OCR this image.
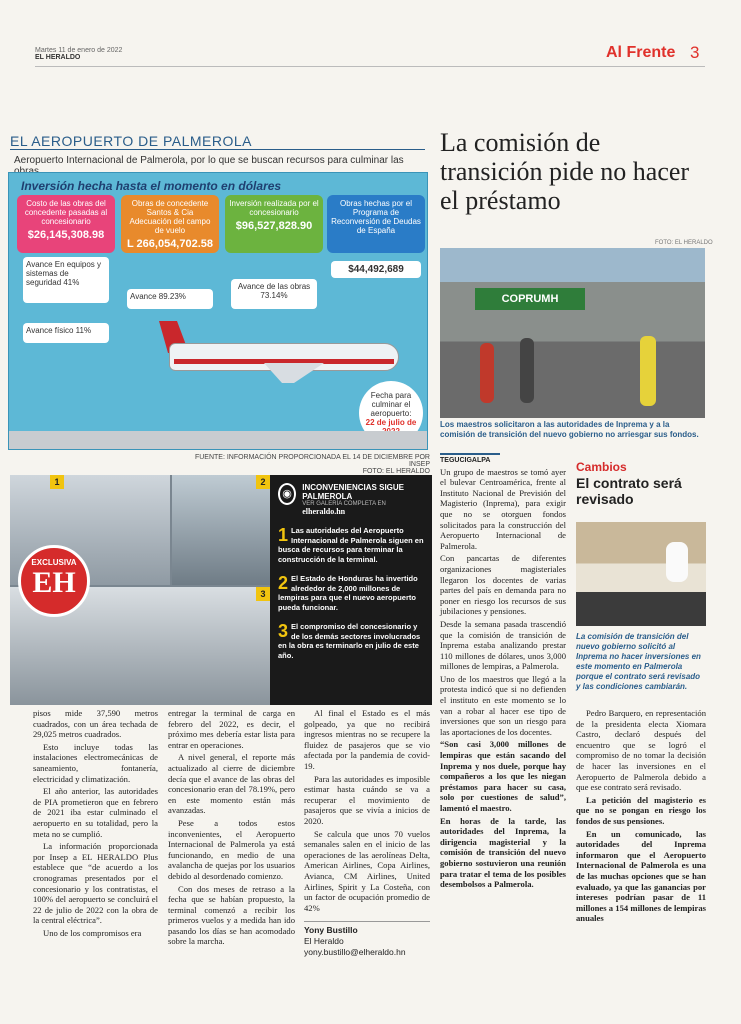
Martes 11 de enero de 2022
EL HERALDO	Al Frente 3
EL AEROPUERTO DE PALMEROLA
Aeropuerto Internacional de Palmerola, por lo que se buscan recursos para culminar las
Inversión hecha hasta el momento en dólares
Costo de las obras del concedente pasadas al concesionario
$26,145,308.98
Obras de concedente Santos & Cia Adecuación del campo de vuelo
L 266,054,702.58
Inversión realizada por el concesionario
$96,527,828.90
Obras hechas por el Programa de Reconversión de Deudas de España
$44,492,689
Avance En equipos y sistemas de seguridad 41%
Avance físico 11%
Avance 89.23%
Avance de las obras 73.14%
Fecha para culminar el aeropuerto:
22 de julio de
FUENTE: INFORMACIÓN PROPORCIONADA EL 14 DE DICIEMBRE POR INSEP
FOTO: EL HERALDO
La comisión de transición pide no hacer el préstamo
FOTO: EL HERALDO
COPRUMH
Los maestros solicitaron a las autoridades de Inprema y a la comisión de transición del nuevo gobierno no arriesgar sus fondos.
1	2
3
EXCLUSIVA
EH
◉
INCONVENIENCIAS SIGUE PALMEROLA
VER GALERÍA COMPLETA EN
elheraldo.hn
1 Las autoridades del Aeropuerto Internacional de Palmerola siguen en busca de recursos para terminar la construcción de la terminal.
2 El Estado de Honduras ha invertido alrededor de 2,000 millones de lempiras para que el nuevo aeropuerto pueda funcionar.
3 El compromiso del concesionario y de los demás sectores involucrados en la obra es terminarlo en julio de este año.
TEGUCIGALPA

Un grupo de maestros se tomó ayer el bulevar Centroamérica, frente al Instituto Nacional de Previsión del Magisterio (Inprema), para exigir que no se otorguen fondos solicitados para la construcción del Aeropuerto Internacional de Palmerola.

Con pancartas de diferentes organizaciones magisteriales llegaron los docentes de varias partes del país en demanda para no poner en riesgo los recursos de sus jubilaciones y pensiones.

Desde la semana pasada trascendió que la comisión de transición de Inprema estaba analizando prestar 110 millones de dólares, unos 3,000 millones de lempiras, a Palmerola.

Uno de los maestros que llegó a la protesta indicó que si no defienden el instituto en este momento se lo van a robar al hacer ese tipo de inversiones que son un riesgo para las aportaciones de los docentes.

“Son casi 3,000 millones de lempiras que están sacando del Inprema y nos duele, porque hay compañeros a los que les niegan préstamos para hacer su casa, solo por cuestiones de salud”, lamentó el maestro.

En horas de la tarde, las autoridades del Inprema, la dirigencia magisterial y la comisión de transición del nuevo gobierno sostuvieron una reunión para tratar el tema de los posibles desembolsos a Palmerola.

Cambios
El contrato será revisado
La comisión de transición del nuevo gobierno solicitó al Inprema no hacer inversiones en este momento en Palmerola porque el contrato será revisado y las condiciones cambiarán.

Pedro Barquero, en representación de la presidenta electa Xiomara Castro, declaró después del encuentro que se logró el compromiso de no tomar la decisión de hacer las inversiones en el Aeropuerto de Palmerola debido a que ese contrato será revisado.

La petición del magisterio es que no se pongan en riesgo los fondos de sus pensiones.

En un comunicado, las autoridades del Inprema informaron que el Aeropuerto Internacional de Palmerola es una de las muchas opciones que se han evaluado, ya que las ganancias por intereses podrían pasar de 11 millones a 154 millones de lempiras anuales

pisos mide 37,590 metros cuadrados, con un área techada de 29,025 metros cuadrados.

Esto incluye todas las instalaciones electromecánicas de saneamiento, fontanería, electricidad y climatización.

El año anterior, las autoridades de PIA prometieron que en febrero de 2021 iba estar culminado el aeropuerto en su totalidad, pero la meta no se cumplió.

La información proporcionada por Insep a EL HERALDO Plus establece que “de acuerdo a los cronogramas presentados por el concesionario y los contratistas, el 100% del aeropuerto se concluirá el 22 de julio de 2022 con la obra de la central eléctrica”.

Uno de los compromisos era

entregar la terminal de carga en febrero del 2022, es decir, el próximo mes debería estar lista para entrar en operaciones.

A nivel general, el reporte más actualizado al cierre de diciembre decía que el avance de las obras del concesionario eran del 78.19%, pero en este momento están más avanzadas.

Pese a todos estos inconvenientes, el Aeropuerto Internacional de Palmerola ya está funcionando, en medio de una avalancha de quejas por los usuarios debido al desordenado comienzo.

Con dos meses de retraso a la fecha que se habían propuesto, la terminal comenzó a recibir los primeros vuelos y a medida han ido pasando los días se han acomodado sobre la marcha.

Al final el Estado es el más golpeado, ya que no recibirá ingresos mientras no se recupere la fluidez de pasajeros que se vio afectada por la pandemia de covid-19.

Para las autoridades es imposible estimar hasta cuándo se va a recuperar el movimiento de pasajeros que se vivía a inicios de 2020.

Se calcula que unos 70 vuelos semanales salen en el inicio de las operaciones de las aerolíneas Delta, American Airlines, Copa Airlines, Avianca, CM Airlines, United Airlines, Spirit y La Costeña, con un factor de ocupación promedio de 42%

Yony Bustillo
El Heraldo
yony.bustillo@elheraldo.hn
